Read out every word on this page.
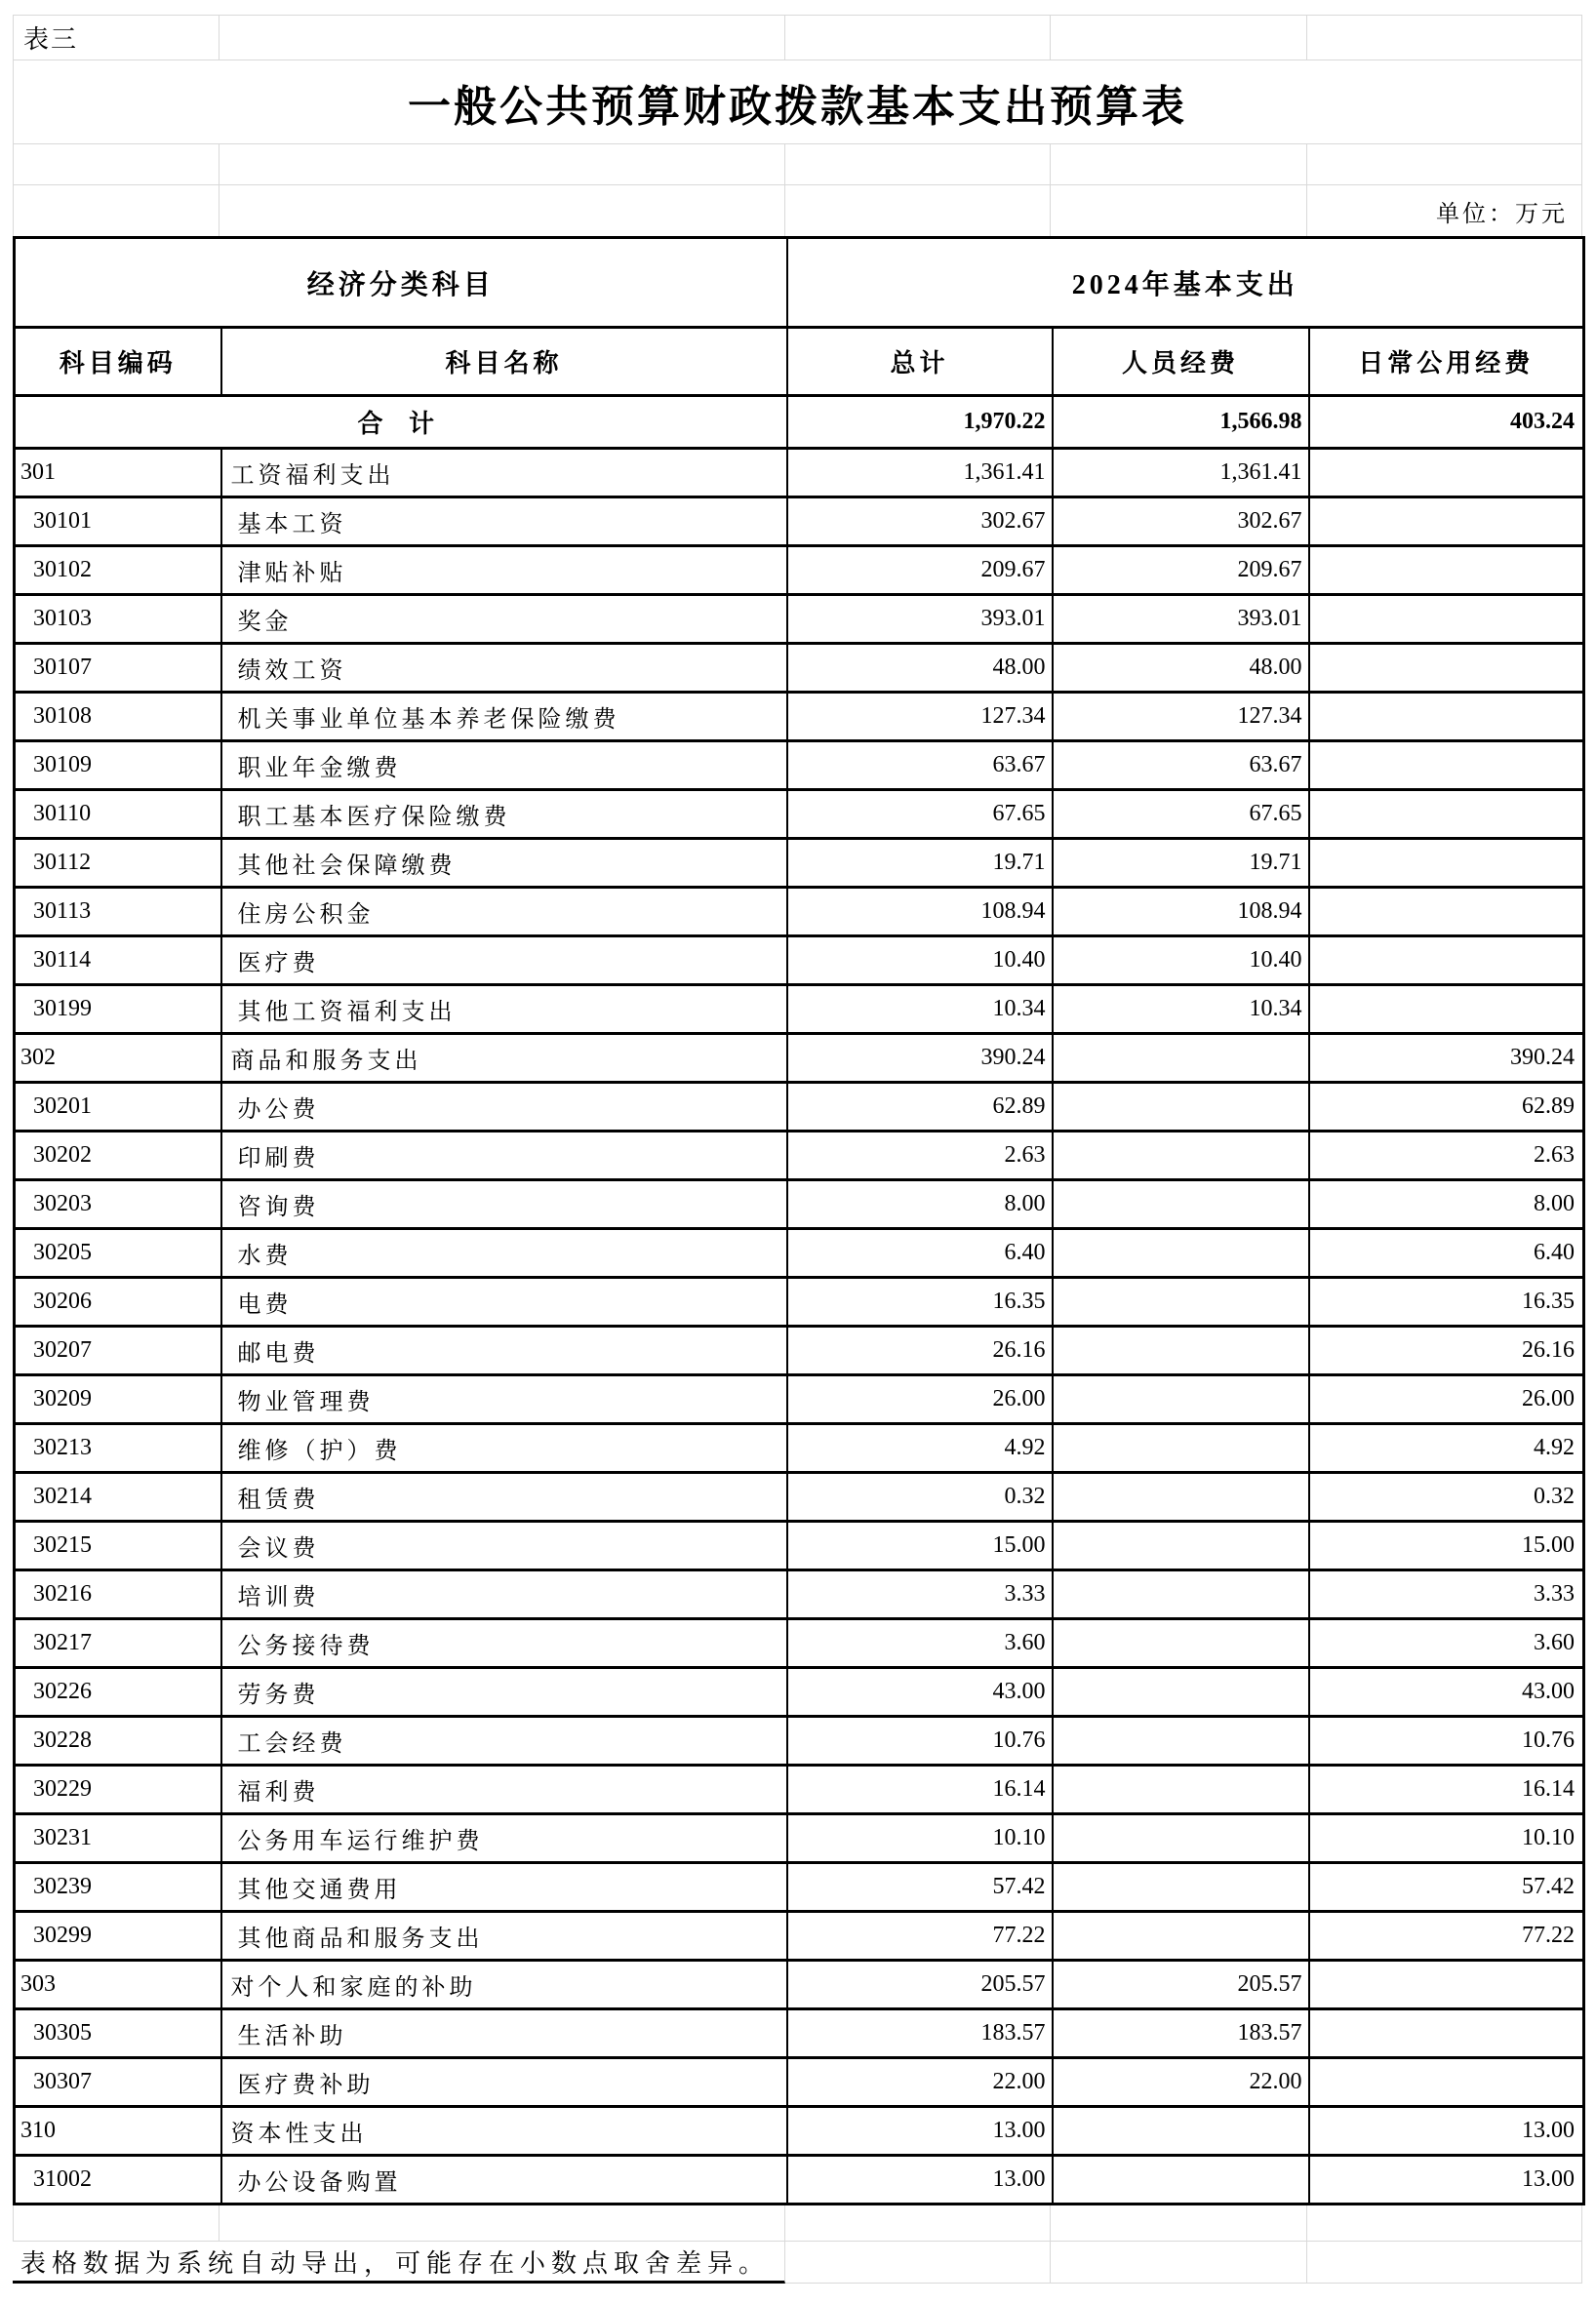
表三
一般公共预算财政拨款基本支出预算表
单位：万元
经济分类科目		2024年基本支出		
科目编码	科目名称	总计	人员经费	日常公用经费
合 计		1,970.22	1,566.98	403.24
301	工资福利支出	1,361.41	1,361.41	
30101	基本工资	302.67	302.67	
30102	津贴补贴	209.67	209.67	
30103	奖金	393.01	393.01	
30107	绩效工资	48.00	48.00	
30108	机关事业单位基本养老保险缴费	127.34	127.34	
30109	职业年金缴费	63.67	63.67	
30110	职工基本医疗保险缴费	67.65	67.65	
30112	其他社会保障缴费	19.71	19.71	
30113	住房公积金	108.94	108.94	
30114	医疗费	10.40	10.40	
30199	其他工资福利支出	10.34	10.34	
302	商品和服务支出	390.24		390.24
30201	办公费	62.89		62.89
30202	印刷费	2.63		2.63
30203	咨询费	8.00		8.00
30205	水费	6.40		6.40
30206	电费	16.35		16.35
30207	邮电费	26.16		26.16
30209	物业管理费	26.00		26.00
30213	维修（护）费	4.92		4.92
30214	租赁费	0.32		0.32
30215	会议费	15.00		15.00
30216	培训费	3.33		3.33
30217	公务接待费	3.60		3.60
30226	劳务费	43.00		43.00
30228	工会经费	10.76		10.76
30229	福利费	16.14		16.14
30231	公务用车运行维护费	10.10		10.10
30239	其他交通费用	57.42		57.42
30299	其他商品和服务支出	77.22		77.22
303	对个人和家庭的补助	205.57	205.57	
30305	生活补助	183.57	183.57	
30307	医疗费补助	22.00	22.00	
310	资本性支出	13.00		13.00
31002	办公设备购置	13.00		13.00
表格数据为系统自动导出，可能存在小数点取舍差异。
